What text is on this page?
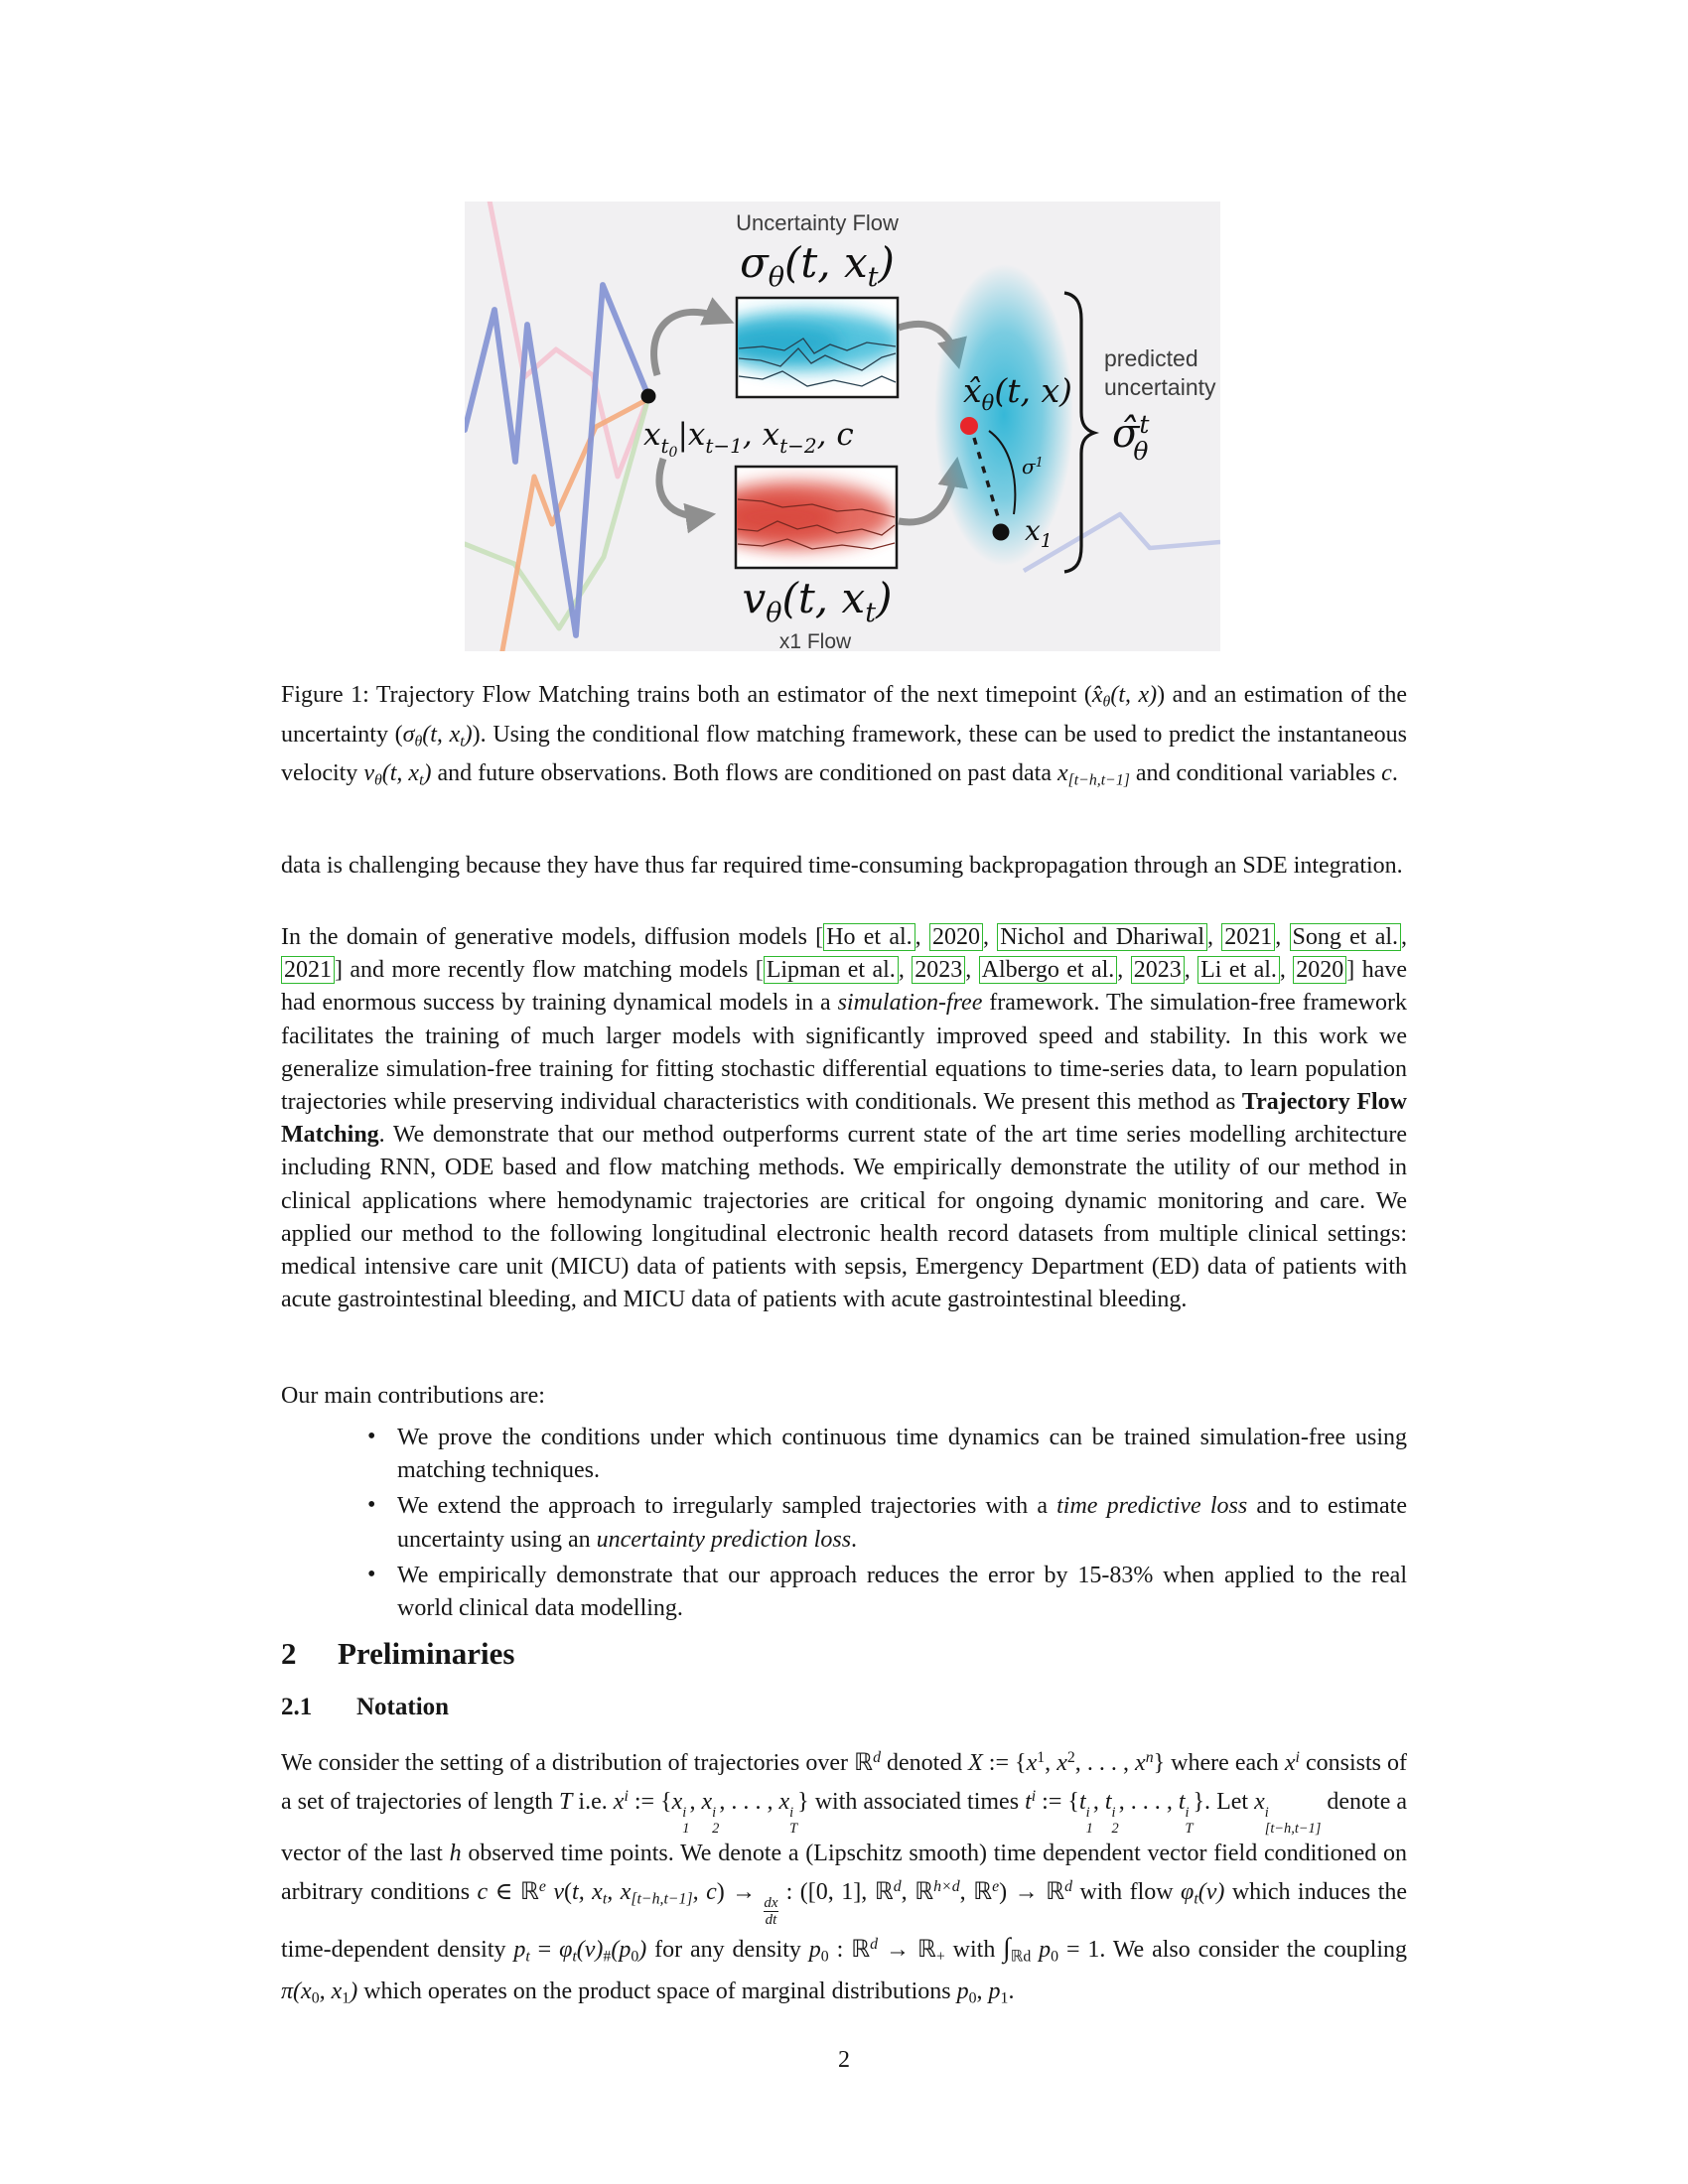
Uncertainty Flow
$\sigma_\theta(t$, $x_t$)
$x_t0|x_{t-1}$, $x_{t-2}$, c
$v_\theta(t$, $x_t$)
x1 Flow
$x̂_\theta(t$, x)
$\sigma^1$
$x_1$
predicted
uncertainty
σ̂$^t$ θ
Figure 1: Trajectory Flow Matching trains both an estimator of the next timepoint ($x̂_\theta(t$, x)) and an estimation of the uncertainty ($\sigma_\theta(t$, $x_t$)). Using the conditional flow matching framework, these can be used to predict the instantaneous velocity $v_\theta(t$, $x_t$) and future observations. Both flows are conditioned on past data $x_{[t-h,t-1]}$ and conditional variables c.
data is challenging because they have thus far required time-consuming backpropagation through an SDE integration.
In the domain of generative models, diffusion models [ Ho et al. , 2020 , Nichol and Dhariwal , 2021 , Song et al. , 2021 ] and more recently flow matching models [ Lipman et al. , 2023 , Albergo et al. , 2023 , Li et al. , 2020 ] have had enormous success by training dynamical models in a simulation-free framework. The simulation-free framework facilitates the training of much larger models with significantly improved speed and stability. In this work we generalize simulation-free training for fitting stochastic differential equations to time-series data, to learn population trajectories while preserving individual characteristics with conditionals. We present this method as Trajectory Flow Matching. We demonstrate that our method outperforms current state of the art time series modelling architecture including RNN, ODE based and flow matching methods. We empirically demonstrate the utility of our method in clinical applications where hemodynamic trajectories are critical for ongoing dynamic monitoring and care. We applied our method to the following longitudinal electronic health record datasets from multiple clinical settings: medical intensive care unit (MICU) data of patients with sepsis, Emergency Department (ED) data of patients with acute gastrointestinal bleeding, and MICU data of patients with acute gastrointestinal bleeding.
Our main contributions are:
• We prove the conditions under which continuous time dynamics can be trained simulation-free using matching techniques.
• We extend the approach to irregularly sampled trajectories with a time predictive loss and to estimate uncertainty using an uncertainty prediction loss.
• We empirically demonstrate that our approach reduces the error by 15-83% when applied to the real world clinical data modelling.
2 Preliminaries
2.1 Notation
We consider the setting of a distribution of trajectories over ℝ$^d$ denoted X := {$x^1$, $x^2$, . . . , $x^n$} where each $x^i$ consists of a set of trajectories of length T i.e. $x^i$ := {x i
1
, x i
2
, . . . , x i
T
} with associated times $t^i$ := {t i
1
, t i
2
, . . . , t i
T
}. Let x i
[t−h,t−1]
denote a vector of the last h observed time points. We denote a (Lipschitz smooth) time dependent vector field conditioned on arbitrary conditions c ∈ ℝ$^e$ v(t, $x_t$, $x_{[t-h,t-1]}$, c) →
$\frac{dx}{dt}$
: ([0, 1], ℝ$^d$, ℝ$^{h\times d}$, ℝ$^e$) → ℝ$^d$ with flow $\varphi_t(v)$ which induces the time-dependent density $p_t = \varphi_t(v)_{\#}(p_0)$ for any density $p_0$ : ℝ$^d$ → ℝ$_+$ with $\int_{ℝd}$ $p_0 = 1$. We also consider the coupling $\pi(x_0$, $x_1$) which operates on the product space of marginal distributions $p_0$, $p_1$.
2
